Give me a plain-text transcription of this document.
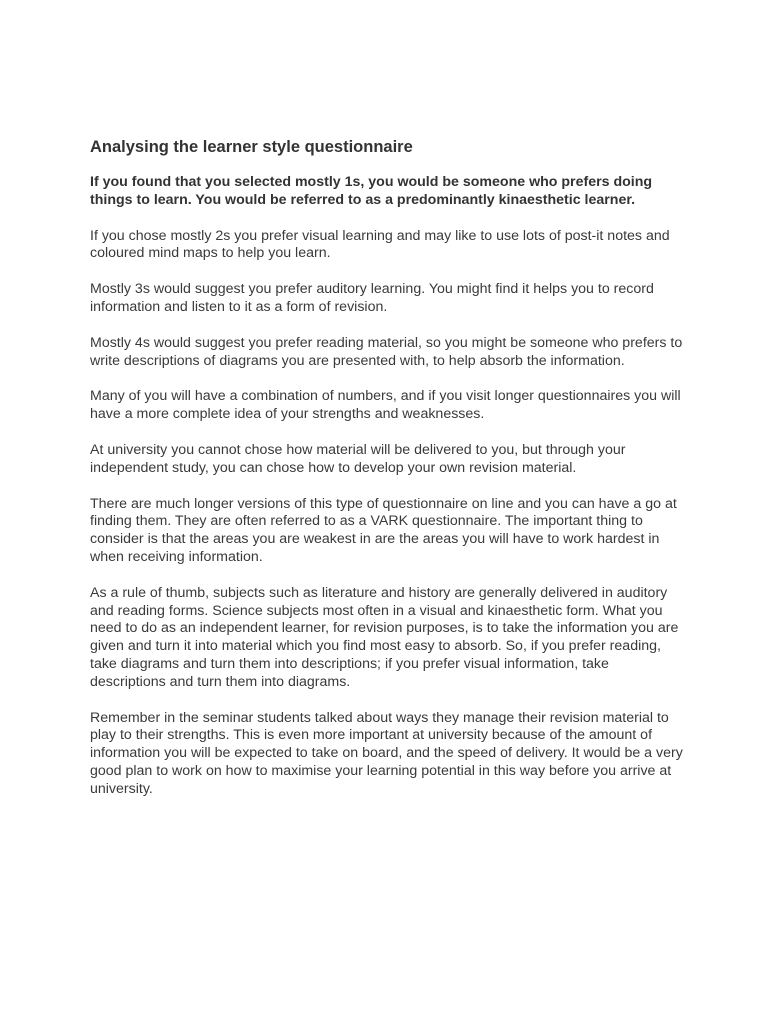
Analysing the learner style questionnaire

If you found that you selected mostly 1s, you would be someone who prefers doing things to learn. You would be referred to as a predominantly kinaesthetic learner.

If you chose mostly 2s you prefer visual learning and may like to use lots of post-it notes and coloured mind maps to help you learn.

Mostly 3s would suggest you prefer auditory learning. You might find it helps you to record information and listen to it as a form of revision.

Mostly 4s would suggest you prefer reading material, so you might be someone who prefers to write descriptions of diagrams you are presented with, to help absorb the information.

Many of you will have a combination of numbers, and if you visit longer questionnaires you will have a more complete idea of your strengths and weaknesses.

At university you cannot chose how material will be delivered to you, but through your independent study, you can chose how to develop your own revision material.

There are much longer versions of this type of questionnaire on line and you can have a go at finding them. They are often referred to as a VARK questionnaire. The important thing to consider is that the areas you are weakest in are the areas you will have to work hardest in when receiving information.

As a rule of thumb, subjects such as literature and history are generally delivered in auditory and reading forms. Science subjects most often in a visual and kinaesthetic form. What you need to do as an independent learner, for revision purposes, is to take the information you are given and turn it into material which you find most easy to absorb. So, if you prefer reading, take diagrams and turn them into descriptions; if you prefer visual information, take descriptions and turn them into diagrams.

Remember in the seminar students talked about ways they manage their revision material to play to their strengths. This is even more important at university because of the amount of information you will be expected to take on board, and the speed of delivery. It would be a very good plan to work on how to maximise your learning potential in this way before you arrive at university.
